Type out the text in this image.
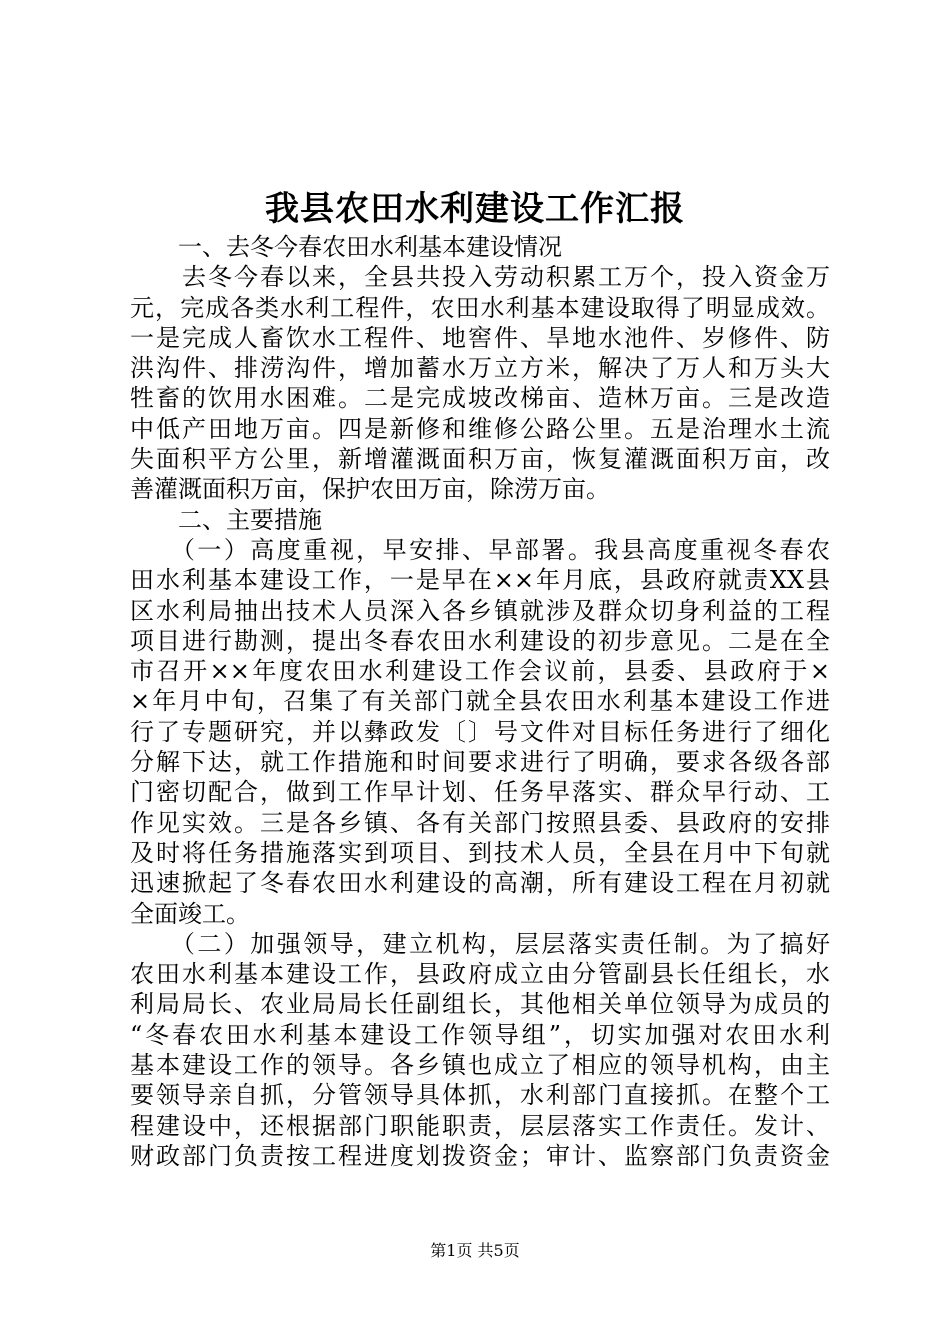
我县农田水利建设工作汇报
　　一、去冬今春农田水利基本建设情况
　　去冬今春以来，全县共投入劳动积累工万个，投入资金万
元，完成各类水利工程件，农田水利基本建设取得了明显成效。
一是完成人畜饮水工程件、地窖件、旱地水池件、岁修件、防
洪沟件、排涝沟件，增加蓄水万立方米，解决了万人和万头大
牲畜的饮用水困难。二是完成坡改梯亩、造林万亩。三是改造
中低产田地万亩。四是新修和维修公路公里。五是治理水土流
失面积平方公里，新增灌溉面积万亩，恢复灌溉面积万亩，改
善灌溉面积万亩，保护农田万亩，除涝万亩。
　　二、主要措施
　　（一）高度重视，早安排、早部署。我县高度重视冬春农
田水利基本建设工作，一是早在××年月底，县政府就责XX县
区水利局抽出技术人员深入各乡镇就涉及群众切身利益的工程
项目进行勘测，提出冬春农田水利建设的初步意见。二是在全
市召开××年度农田水利建设工作会议前，县委、县政府于×
×年月中旬，召集了有关部门就全县农田水利基本建设工作进
行了专题研究，并以彝政发〔〕号文件对目标任务进行了细化
分解下达，就工作措施和时间要求进行了明确，要求各级各部
门密切配合，做到工作早计划、任务早落实、群众早行动、工
作见实效。三是各乡镇、各有关部门按照县委、县政府的安排
及时将任务措施落实到项目、到技术人员，全县在月中下旬就
迅速掀起了冬春农田水利建设的高潮，所有建设工程在月初就
全面竣工。
　　（二）加强领导，建立机构，层层落实责任制。为了搞好
农田水利基本建设工作，县政府成立由分管副县长任组长，水
利局局长、农业局局长任副组长，其他相关单位领导为成员的
“冬春农田水利基本建设工作领导组”，切实加强对农田水利
基本建设工作的领导。各乡镇也成立了相应的领导机构，由主
要领导亲自抓，分管领导具体抓，水利部门直接抓。在整个工
程建设中，还根据部门职能职责，层层落实工作责任。发计、
财政部门负责按工程进度划拨资金；审计、监察部门负责资金
第1页 共5页
